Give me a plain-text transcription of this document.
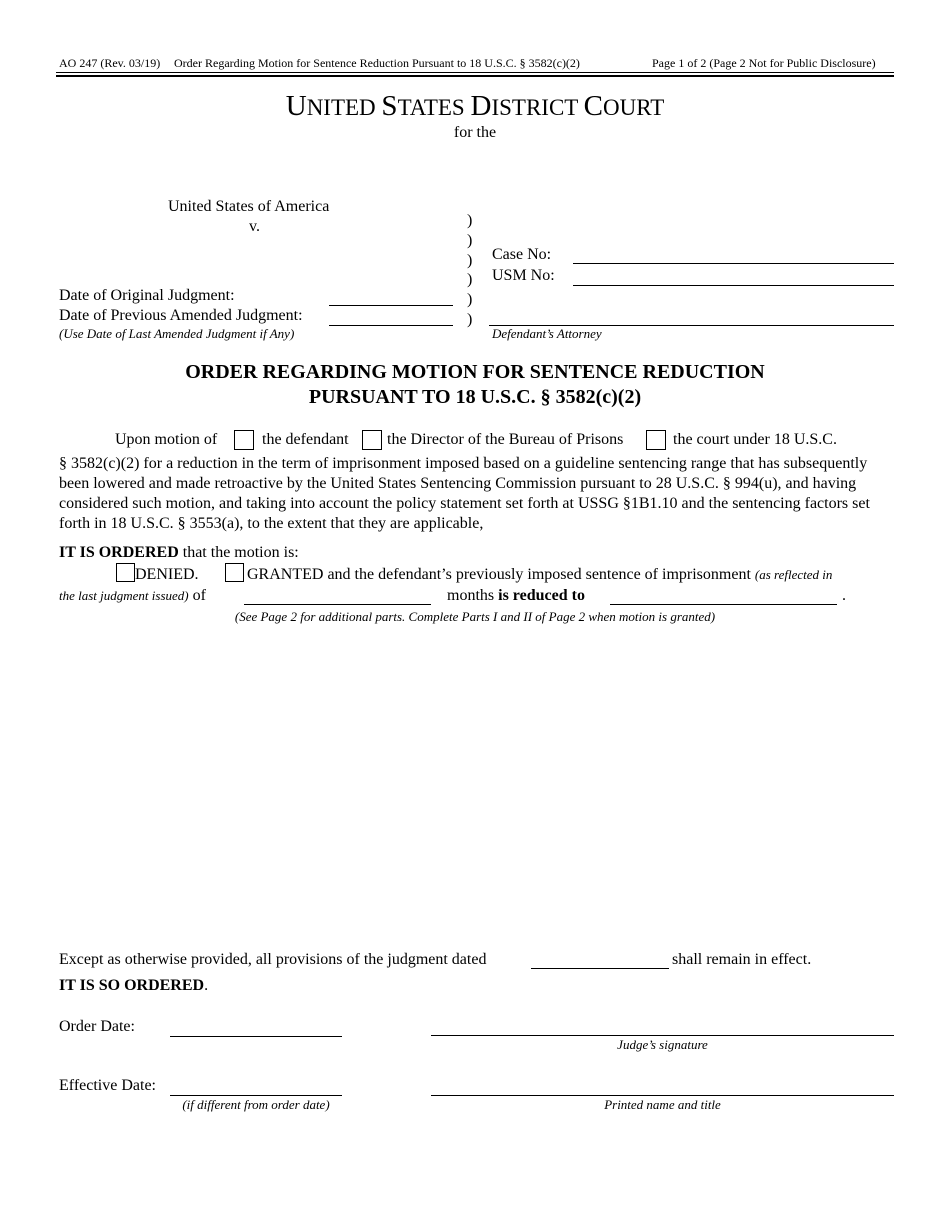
AO 247 (Rev. 03/19) Order Regarding Motion for Sentence Reduction Pursuant to 18 U.S.C. § 3582(c)(2)	Page 1 of 2 (Page 2 Not for Public Disclosure)
UNITED STATES DISTRICT COURT
for the
United States of America
v.	)
)
)
)
)
)
Case No:
USM No:
Defendant’s Attorney
Date of Original Judgment:
Date of Previous Amended Judgment:
(Use Date of Last Amended Judgment if Any)
ORDER REGARDING MOTION FOR SENTENCE REDUCTION
PURSUANT TO 18 U.S.C. § 3582(c)(2)
Upon motion of	the defendant the Director of the Bureau of Prisons	the court under 18 U.S.C.
§ 3582(c)(2) for a reduction in the term of imprisonment imposed based on a guideline sentencing range that has subsequently been lowered and made retroactive by the United States Sentencing Commission pursuant to 28 U.S.C. § 994(u), and having considered such motion, and taking into account the policy statement set forth at USSG §1B1.10 and the sentencing factors set forth in 18 U.S.C. § 3553(a), to the extent that they are applicable,
IT IS ORDERED that the motion is:
DENIED.	GRANTED and the defendant’s previously imposed sentence of imprisonment (as reflected in
the last judgment issued) of	months is reduced to	.
(See Page 2 for additional parts. Complete Parts I and II of Page 2 when motion is granted)
Except as otherwise provided, all provisions of the judgment dated	shall remain in effect.
IT IS SO ORDERED.
Order Date:
Judge’s signature
Effective Date:
(if different from order date)	Printed name and title
